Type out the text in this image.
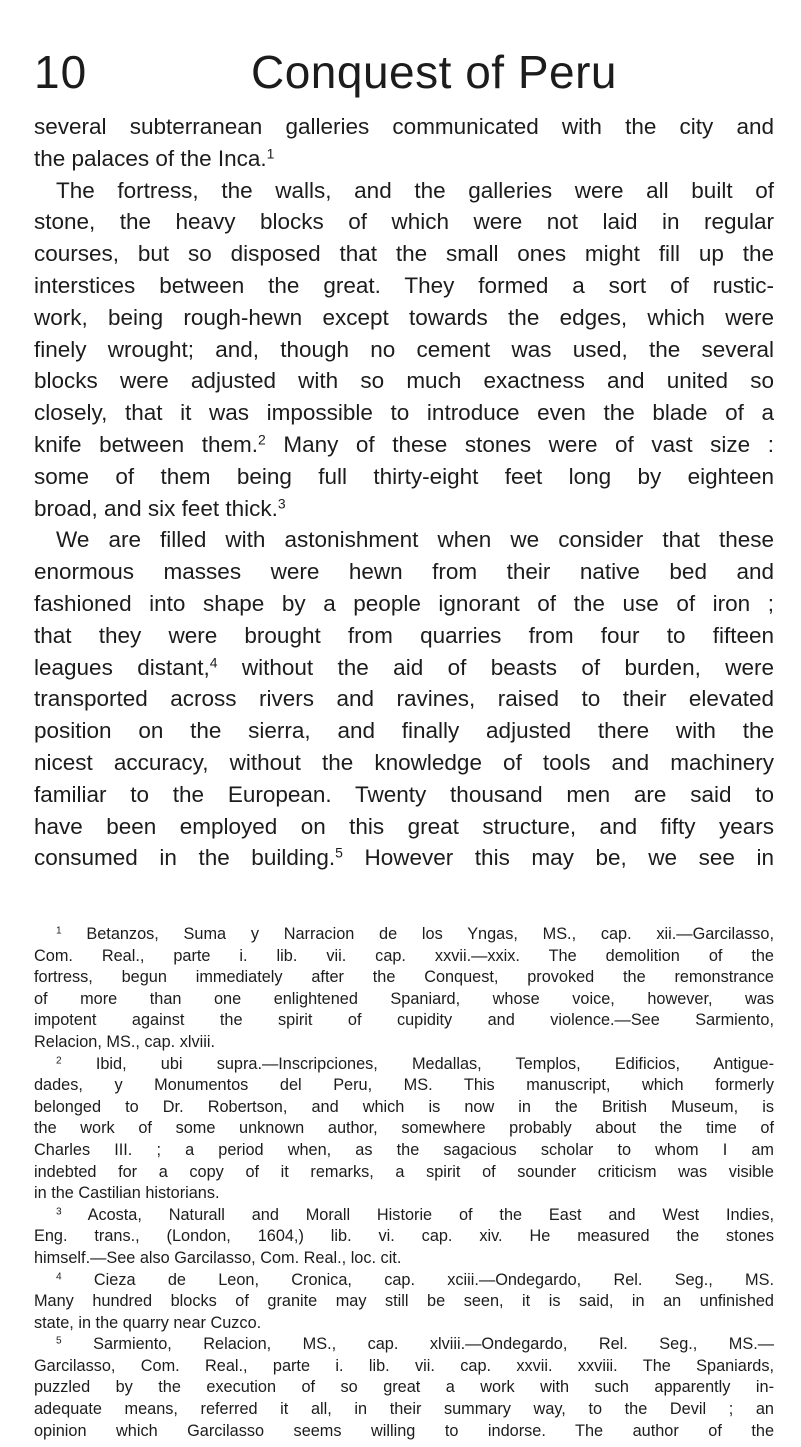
10	Conquest of Peru
several subterranean galleries communicated with the city and
the palaces of the Inca.$^1$
The fortress, the walls, and the galleries were all built of
stone, the heavy blocks of which were not laid in regular
courses, but so disposed that the small ones might fill up the
interstices between the great. They formed a sort of rustic-
work, being rough-hewn except towards the edges, which were
finely wrought; and, though no cement was used, the several
blocks were adjusted with so much exactness and united so
closely, that it was impossible to introduce even the blade of a
knife between them.$^2$ Many of these stones were of vast size :
some of them being full thirty-eight feet long by eighteen
broad, and six feet thick.$^3$
We are filled with astonishment when we consider that these
enormous masses were hewn from their native bed and
fashioned into shape by a people ignorant of the use of iron ;
that they were brought from quarries from four to fifteen
leagues distant,$^4$ without the aid of beasts of burden, were
transported across rivers and ravines, raised to their elevated
position on the sierra, and finally adjusted there with the
nicest accuracy, without the knowledge of tools and machinery
familiar to the European. Twenty thousand men are said to
have been employed on this great structure, and fifty years
consumed in the building.$^5$ However this may be, we see in
$^1$ Betanzos, Suma y Narracion de los Yngas, MS., cap. xii.—Garcilasso,
Com. Real., parte i. lib. vii. cap. xxvii.—xxix. The demolition of the
fortress, begun immediately after the Conquest, provoked the remonstrance
of more than one enlightened Spaniard, whose voice, however, was
impotent against the spirit of cupidity and violence.—See Sarmiento,
Relacion, MS., cap. xlviii.
$^2$ Ibid, ubi supra.—Inscripciones, Medallas, Templos, Edificios, Antigue-
dades, y Monumentos del Peru, MS. This manuscript, which formerly
belonged to Dr. Robertson, and which is now in the British Museum, is
the work of some unknown author, somewhere probably about the time of
Charles III. ; a period when, as the sagacious scholar to whom I am
indebted for a copy of it remarks, a spirit of sounder criticism was visible
in the Castilian historians.
$^3$ Acosta, Naturall and Morall Historie of the East and West Indies,
Eng. trans., (London, 1604,) lib. vi. cap. xiv. He measured the stones
himself.—See also Garcilasso, Com. Real., loc. cit.
$^4$ Cieza de Leon, Cronica, cap. xciii.—Ondegardo, Rel. Seg., MS.
Many hundred blocks of granite may still be seen, it is said, in an unfinished
state, in the quarry near Cuzco.
$^5$ Sarmiento, Relacion, MS., cap. xlviii.—Ondegardo, Rel. Seg., MS.—
Garcilasso, Com. Real., parte i. lib. vii. cap. xxvii. xxviii. The Spaniards,
puzzled by the execution of so great a work with such apparently in-
adequate means, referred it all, in their summary way, to the Devil ; an
opinion which Garcilasso seems willing to indorse. The author of the
